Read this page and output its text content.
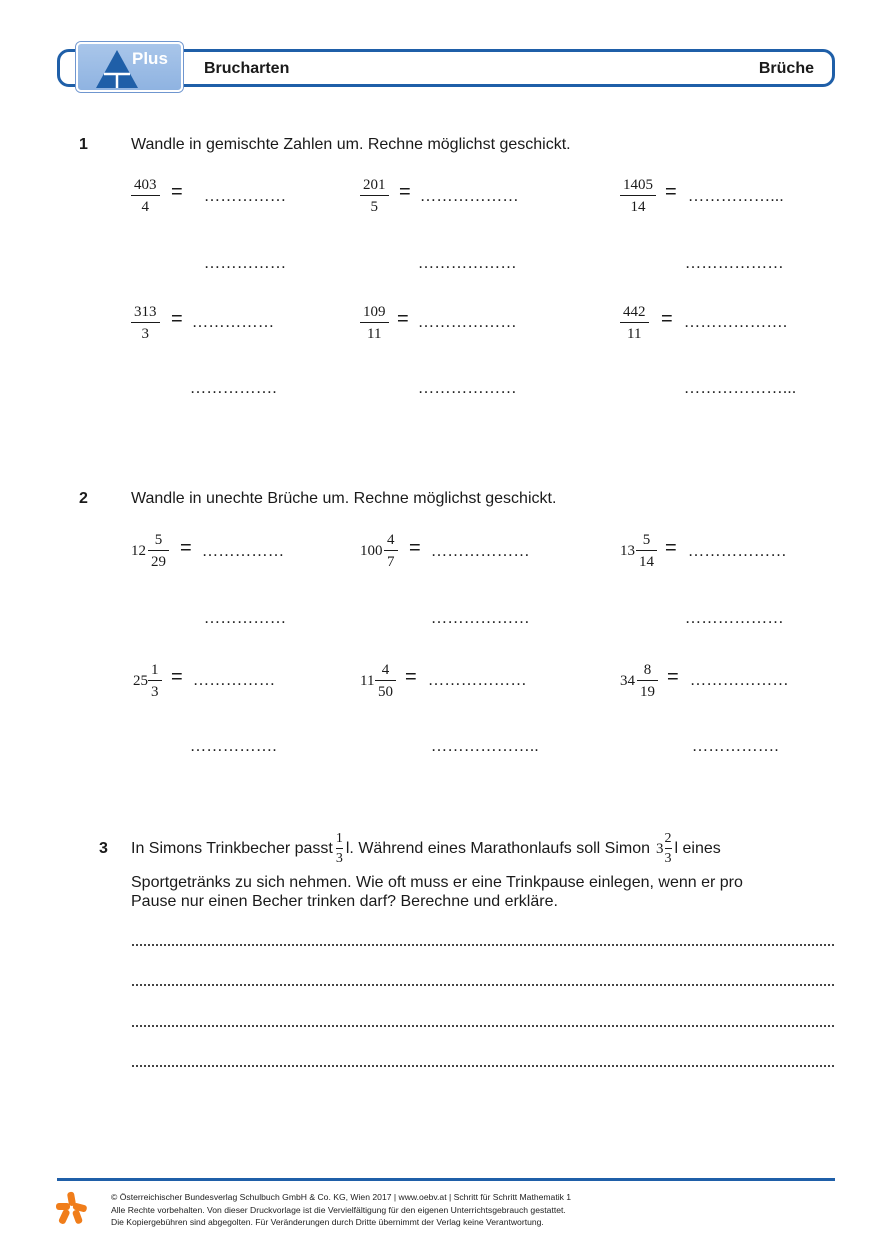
Plus
Brucharten	Brüche
1	Wandle in gemischte Zahlen um. Rechne möglichst geschickt.
403
4
= ……………
……………
201
5
= ………………
………………
1405
14
= ……………...
………………
313
3
= ……………
…………….
109
11
= ………………
………………
442
11
= ……………….
………………...
2	Wandle in unechte Brüche um. Rechne möglichst geschickt.
12
5
29
= ……………
……………
100
4
7
= ………………
………………
13
5
14
= ………………
………………
25
1
3
= ……………
…………….
11
4
50
= ………………
………………..
34
8
19
= ………………
…………….
3 In Simons Trinkbecher passt $\frac{1}{3} l$. Während eines Marathonlaufs soll Simon $3 \frac{2}{3}$ l eines
Sportgetränks zu sich nehmen. Wie oft muss er eine Trinkpause einlegen, wenn er pro
Pause nur einen Becher trinken darf? Berechne und erkläre.
© Österreichischer Bundesverlag Schulbuch GmbH & Co. KG, Wien 2017 | www.oebv.at | Schritt für Schritt Mathematik 1
Alle Rechte vorbehalten. Von dieser Druckvorlage ist die Vervielfältigung für den eigenen Unterrichtsgebrauch gestattet.
Die Kopiergebühren sind abgegolten. Für Veränderungen durch Dritte übernimmt der Verlag keine Verantwortung.
